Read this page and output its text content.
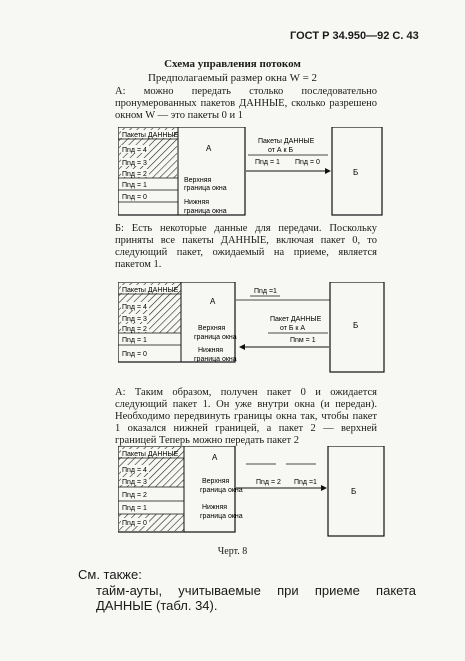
ГОСТ Р 34.950—92 С. 43
Схема управления потоком
Предполагаемый размер окна W = 2
А: можно передать столько последовательно пронумерованных пакетов ДАННЫЕ, сколько разрешено окном W — это пакеты 0 и 1
Пакеты ДАННЫЕ
Пnд = 4
Пnд = 3
Пnд = 2
Пnд = 1
Пnд = 0
А
Верхняя
граница окна
Нижняя
граница окна
Б
Пакеты ДАННЫЕ
от А к Б
Пnд = 1 Пnд = 0
Б: Есть некоторые данные для передачи. Поскольку приняты все пакеты ДАННЫЕ, включая пакет 0, то следующий пакет, ожидаемый на приеме, является пакетом 1.
Пакеты ДАННЫЕ
Пnд = 4
Пnд = 3
Пnд = 2
Пnд = 1
Пnд = 0
А
Верхняя
граница окна
Нижняя
граница окна
Б
Пnд =1
Пакет ДАННЫЕ
от Б к А
Пnм = 1
А: Таким образом, получен пакет 0 и ожидается следующий пакет 1. Он уже внутри окна (и передан). Необходимо передвинуть границы окна так, чтобы пакет 1 оказался нижней границей, а пакет 2 — верхней границей Теперь можно передать пакет 2
Пакеты ДАННЫЕ
Пnд = 4
Пnд = 3
Пnд = 2
Пnд = 1
Пnд = 0
А
Верхняя
граница окна
Нижняя
граница окна
Б
Пnд = 2 Пnд =1
Черт. 8
См. также:
тайм-ауты, учитываемые при приеме пакета ДАННЫЕ (табл. 34).
